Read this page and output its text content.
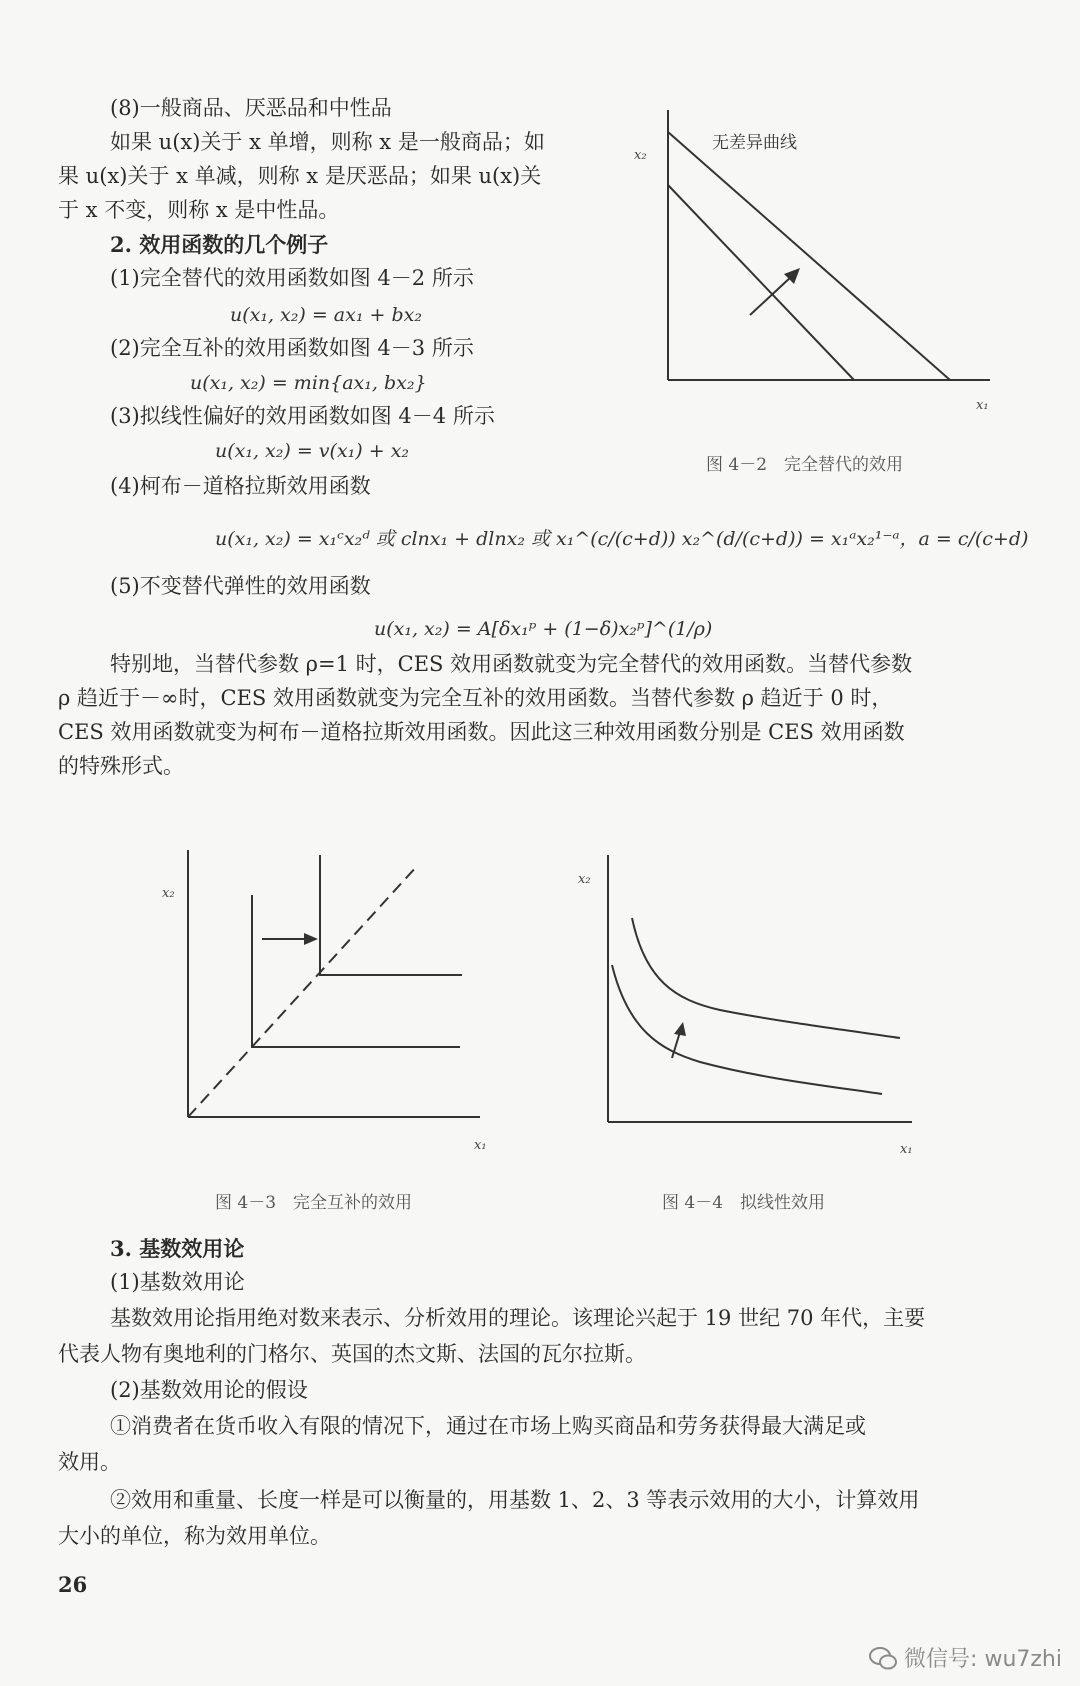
(8)一般商品、厌恶品和中性品
如果 u(x)关于 x 单增，则称 x 是一般商品；如
果 u(x)关于 x 单减，则称 x 是厌恶品；如果 u(x)关
于 x 不变，则称 x 是中性品。
2. 效用函数的几个例子
(1)完全替代的效用函数如图 4－2 所示
u(x₁, x₂) = ax₁ + bx₂
(2)完全互补的效用函数如图 4－3 所示
u(x₁, x₂) = min{ax₁, bx₂}
(3)拟线性偏好的效用函数如图 4－4 所示
u(x₁, x₂) = v(x₁) + x₂
(4)柯布－道格拉斯效用函数
u(x₁, x₂) = x₁ᶜx₂ᵈ 或 clnx₁ + dlnx₂ 或 x₁^(c/(c+d)) x₂^(d/(c+d)) = x₁ᵃx₂¹⁻ᵃ，a = c/(c+d)
(5)不变替代弹性的效用函数
u(x₁, x₂) = A[δx₁ᵖ + (1−δ)x₂ᵖ]^(1/ρ)
特别地，当替代参数 ρ=1 时，CES 效用函数就变为完全替代的效用函数。当替代参数
ρ 趋近于－∞时，CES 效用函数就变为完全互补的效用函数。当替代参数 ρ 趋近于 0 时，
CES 效用函数就变为柯布－道格拉斯效用函数。因此这三种效用函数分别是 CES 效用函数
的特殊形式。
x₂
x₁
无差异曲线
图 4－2　完全替代的效用
x₂
x₁
图 4－3　完全互补的效用
x₂
x₁
图 4－4　拟线性效用
3. 基数效用论
(1)基数效用论
基数效用论指用绝对数来表示、分析效用的理论。该理论兴起于 19 世纪 70 年代，主要
代表人物有奥地利的门格尔、英国的杰文斯、法国的瓦尔拉斯。
(2)基数效用论的假设
①消费者在货币收入有限的情况下，通过在市场上购买商品和劳务获得最大满足或
效用。
②效用和重量、长度一样是可以衡量的，用基数 1、2、3 等表示效用的大小，计算效用
大小的单位，称为效用单位。
26
微信号: wu7zhi
